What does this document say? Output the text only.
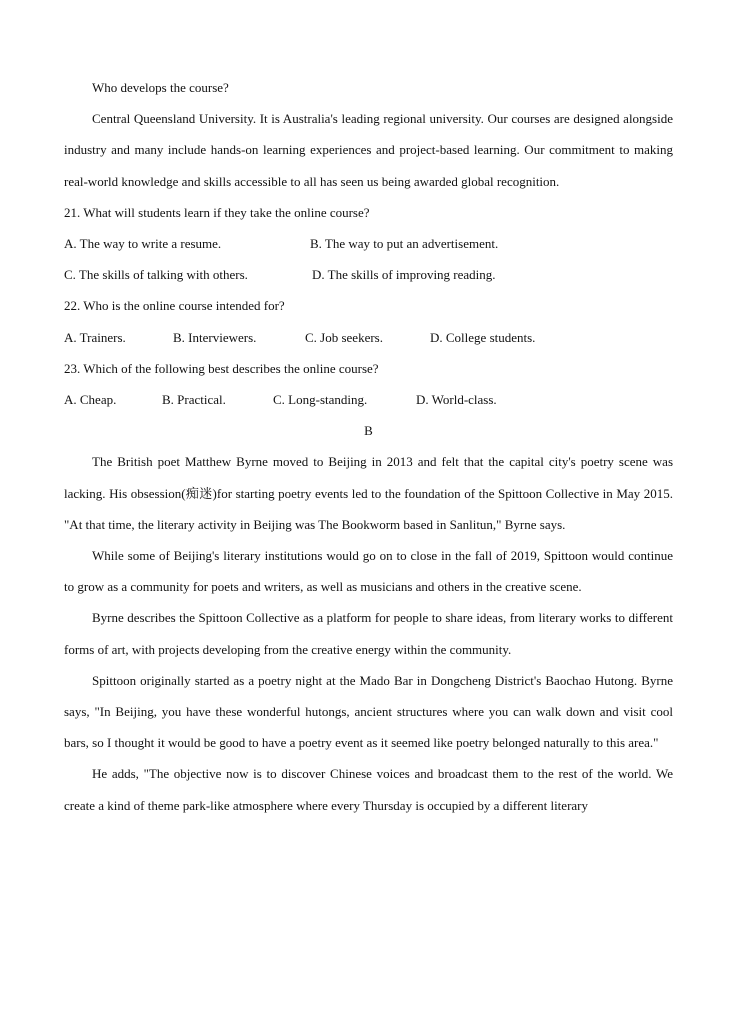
Who develops the course?

Central Queensland University. It is Australia's leading regional university. Our courses are designed alongside industry and many include hands-on learning experiences and project-based learning. Our commitment to making real-world knowledge and skills accessible to all has seen us being awarded global recognition.

21. What will students learn if they take the online course?

A. The way to write a resume.	B. The way to put an advertisement.

C. The skills of talking with others.	D. The skills of improving reading.

22. Who is the online course intended for?

A. Trainers.	B. Interviewers.	C. Job seekers.	D. College students.

23. Which of the following best describes the online course?

A. Cheap.	B. Practical.	C. Long-standing.	D. World-class.

B

The British poet Matthew Byrne moved to Beijing in 2013 and felt that the capital city's poetry scene was lacking. His obsession(痴迷)for starting poetry events led to the foundation of the Spittoon Collective in May 2015. "At that time, the literary activity in Beijing was The Bookworm based in Sanlitun," Byrne says.

While some of Beijing's literary institutions would go on to close in the fall of 2019, Spittoon would continue to grow as a community for poets and writers, as well as musicians and others in the creative scene.

Byrne describes the Spittoon Collective as a platform for people to share ideas, from literary works to different forms of art, with projects developing from the creative energy within the community.

Spittoon originally started as a poetry night at the Mado Bar in Dongcheng District's Baochao Hutong. Byrne says, "In Beijing, you have these wonderful hutongs, ancient structures where you can walk down and visit cool bars, so I thought it would be good to have a poetry event as it seemed like poetry belonged naturally to this area."

He adds, "The objective now is to discover Chinese voices and broadcast them to the rest of the world. We create a kind of theme park-like atmosphere where every Thursday is occupied by a different literary
